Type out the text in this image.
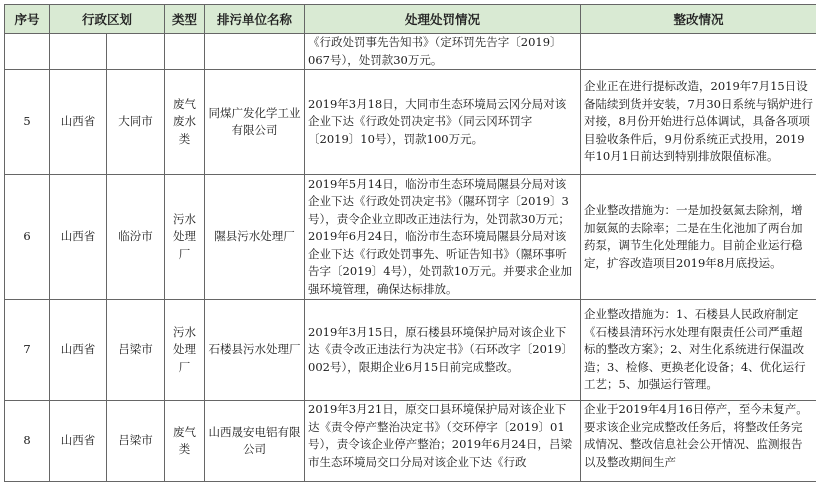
序号	行政区划		类型	排污单位名称	处理处罚情况	整改情况
					《行政处罚事先告知书》（定环罚先告字〔2019〕067号），处罚款30万元。	
5	山西省	大同市	废气废水类	同煤广发化学工业有限公司	2019年3月18日，大同市生态环境局云冈分局对该企业下达《行政处罚决定书》（同云冈环罚字〔2019〕10号），罚款100万元。	企业正在进行提标改造，2019年7月15日设备陆续到货并安装，7月30日系统与锅炉进行对接，8月份开始进行总体调试，具备各项项目验收条件后，9月份系统正式投用，2019年10月1日前达到特别排放限值标准。
6	山西省	临汾市	污水处理厂	隰县污水处理厂	2019年5月14日，临汾市生态环境局隰县分局对该企业下达《行政处罚决定书》（隰环罚字〔2019〕3号），责令企业立即改正违法行为，处罚款30万元；2019年6月24日，临汾市生态环境局隰县分局对该企业下达《行政处罚事先、听证告知书》（隰环事听告字〔2019〕4号），处罚款10万元。并要求企业加强环境管理，确保达标排放。	企业整改措施为：一是加投氨氮去除剂，增加氨氮的去除率；二是在生化池加了两台加药泵，调节生化处理能力。目前企业运行稳定，扩容改造项目2019年8月底投运。
7	山西省	吕梁市	污水处理厂	石楼县污水处理厂	2019年3月15日，原石楼县环境保护局对该企业下达《责令改正违法行为决定书》（石环改字〔2019〕002号），限期企业6月15日前完成整改。	企业整改措施为：1、石楼县人民政府制定《石楼县清环污水处理有限责任公司严重超标的整改方案》；2、对生化系统进行保温改造；3、检修、更换老化设备；4、优化运行工艺；5、加强运行管理。
8	山西省	吕梁市	废气类	山西晟安电铝有限公司	2019年3月21日，原交口县环境保护局对该企业下达《责令停产整治决定书》（交环停字〔2019〕01号），责令该企业停产整治；2019年6月24日，吕梁市生态环境局交口分局对该企业下达《行政	企业于2019年4月16日停产，至今未复产。要求该企业完成整改任务后，将整改任务完成情况、整改信息社会公开情况、监测报告以及整改期间生产
